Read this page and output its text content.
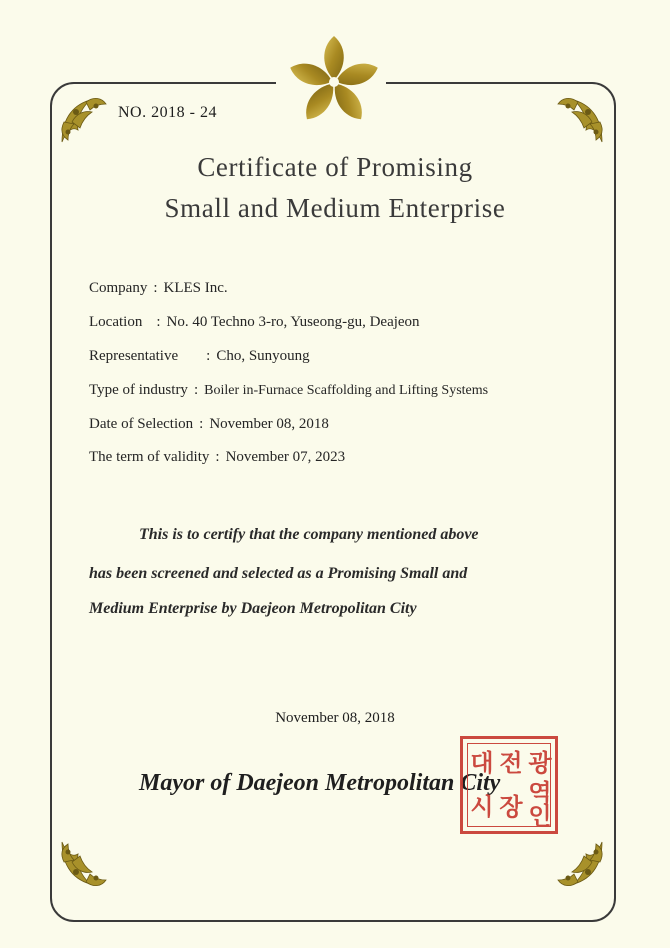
NO. 2018 - 24
Certificate of Promising
Small and Medium Enterprise
Company : KLES Inc.
Location : No. 40 Techno 3-ro, Yuseong-gu, Deajeon
Representative : Cho, Sunyoung
Type of industry : Boiler in-Furnace Scaffolding and Lifting Systems
Date of Selection : November 08, 2018
The term of validity : November 07, 2023
This is to certify that the company mentioned above
has been screened and selected as a Promising Small and
Medium Enterprise by Daejeon Metropolitan City
November 08, 2018
Mayor of Daejeon Metropolitan City
대 전 광
역
시 장 인
